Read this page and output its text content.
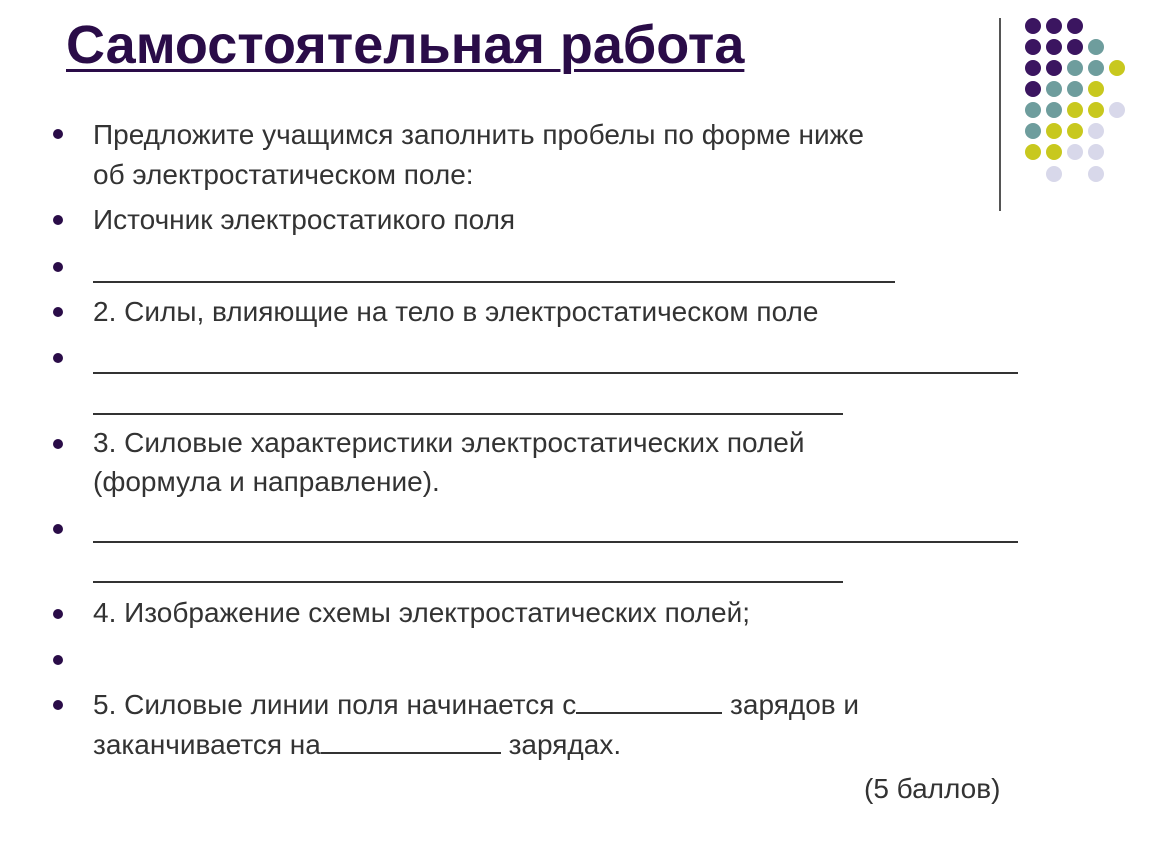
Самостоятельная работа
Предложите учащимся заполнить пробелы по форме ниже
об электростатическом поле:
Источник электростатикого поля
2. Силы, влияющие на тело в электростатическом поле
3. Силовые характеристики электростатических полей
(формула и направление).
4. Изображение схемы электростатических полей;
5. Силовые линии поля начинается с	зарядов и
заканчивается на	зарядах.
(5 баллов)
